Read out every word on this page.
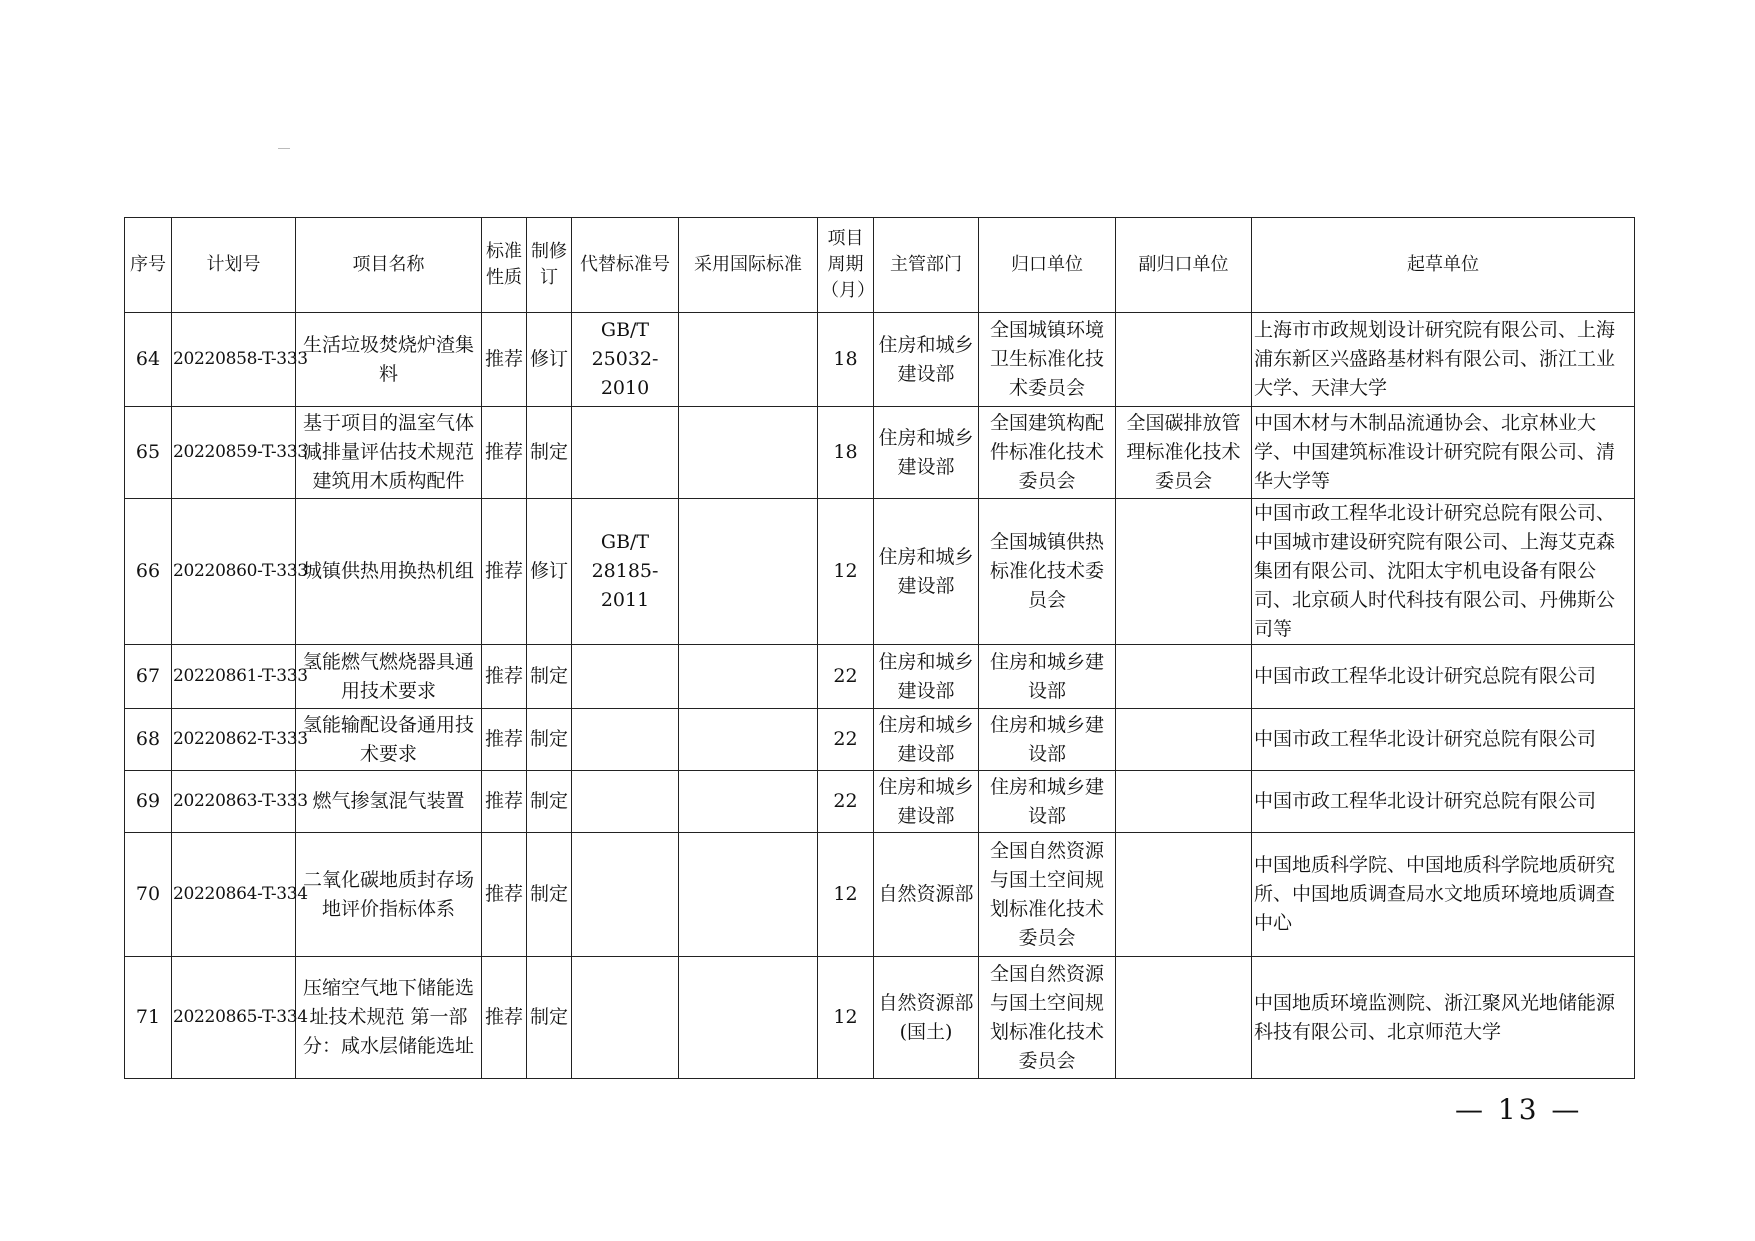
序号	计划号	项目名称	标准性质	制修订	代替标准号	采用国际标准	项目周期（月）	主管部门	归口单位	副归口单位	起草单位
64	20220858-T-333	生活垃圾焚烧炉渣集料	推荐	修订	GB/T 25032-2010		18	住房和城乡建设部	全国城镇环境卫生标准化技术委员会		上海市市政规划设计研究院有限公司、上海浦东新区兴盛路基材料有限公司、浙江工业大学、天津大学
65	20220859-T-333	基于项目的温室气体减排量评估技术规范 建筑用木质构配件	推荐	制定			18	住房和城乡建设部	全国建筑构配件标准化技术委员会	全国碳排放管理标准化技术委员会	中国木材与木制品流通协会、北京林业大学、中国建筑标准设计研究院有限公司、清华大学等
66	20220860-T-333	城镇供热用换热机组	推荐	修订	GB/T 28185-2011		12	住房和城乡建设部	全国城镇供热标准化技术委员会		中国市政工程华北设计研究总院有限公司、中国城市建设研究院有限公司、上海艾克森集团有限公司、沈阳太宇机电设备有限公司、北京硕人时代科技有限公司、丹佛斯公司等
67	20220861-T-333	氢能燃气燃烧器具通用技术要求	推荐	制定			22	住房和城乡建设部	住房和城乡建设部		中国市政工程华北设计研究总院有限公司
68	20220862-T-333	氢能输配设备通用技术要求	推荐	制定			22	住房和城乡建设部	住房和城乡建设部		中国市政工程华北设计研究总院有限公司
69	20220863-T-333	燃气掺氢混气装置	推荐	制定			22	住房和城乡建设部	住房和城乡建设部		中国市政工程华北设计研究总院有限公司
70	20220864-T-334	二氧化碳地质封存场地评价指标体系	推荐	制定			12	自然资源部	全国自然资源与国土空间规划标准化技术委员会		中国地质科学院、中国地质科学院地质研究所、中国地质调查局水文地质环境地质调查中心
71	20220865-T-334	压缩空气地下储能选址技术规范 第一部分：咸水层储能选址	推荐	制定			12	自然资源部(国土)	全国自然资源与国土空间规划标准化技术委员会		中国地质环境监测院、浙江聚风光地储能源科技有限公司、北京师范大学
— 13 —
